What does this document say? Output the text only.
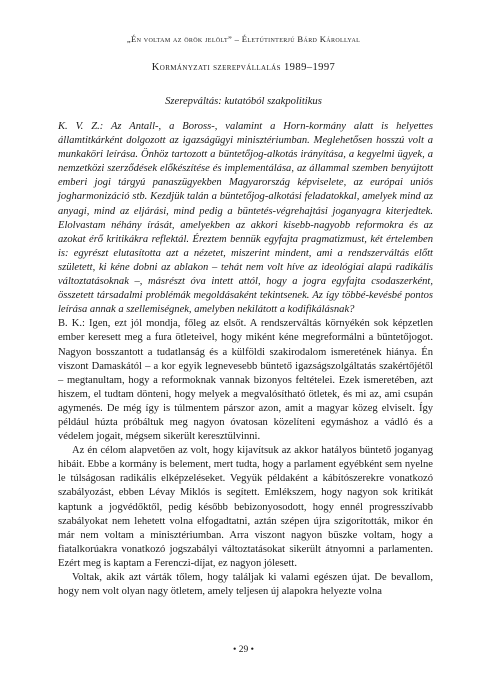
„Én voltam az örök jelölt” – Életútinterjú Bárd Károllyal
Kormányzati szerepvállalás 1989–1997
Szerepváltás: kutatóból szakpolitikus

K. V. Z.: Az Antall-, a Boross-, valamint a Horn-kormány alatt is helyettes államtitkárként dolgozott az igazságügyi minisztériumban. Meglehetősen hosszú volt a munkaköri leírása. Önhöz tartozott a büntetőjog-alkotás irányítása, a kegyelmi ügyek, a nemzetközi szerződések előkészítése és implementálása, az állammal szemben benyújtott emberi jogi tárgyú panaszügyekben Magyarország képviselete, az európai uniós jogharmonizáció stb. Kezdjük talán a büntetőjog-alkotási feladatokkal, amelyek mind az anyagi, mind az eljárási, mind pedig a büntetés-végrehajtási joganyagra kiterjedtek. Elolvastam néhány írását, amelyekben az akkori kisebb-nagyobb reformokra és az azokat érő kritikákra reflektál. Éreztem bennük egyfajta pragmatizmust, két értelemben is: egyrészt elutasította azt a nézetet, miszerint mindent, ami a rendszerváltás előtt született, ki kéne dobni az ablakon – tehát nem volt híve az ideológiai alapú radikális változtatásoknak –, másrészt óva intett attól, hogy a jogra egyfajta csodaszerként, összetett társadalmi problémák megoldásaként tekintsenek. Az így többé-kevésbé pontos leírása annak a szellemiségnek, amelyben nekilátott a kodifikálásnak?

B. K.: Igen, ezt jól mondja, főleg az elsőt. A rendszerváltás környékén sok képzetlen ember keresett meg a fura ötleteivel, hogy miként kéne megreformálni a büntetőjogot. Nagyon bosszantott a tudatlanság és a külföldi szakirodalom ismeretének hiánya. Én viszont Damaskától – a kor egyik legnevesebb büntető igazságszolgáltatás szakértőjétől – megtanultam, hogy a reformoknak vannak bizonyos feltételei. Ezek ismeretében, azt hiszem, el tudtam dönteni, hogy melyek a megvalósítható ötletek, és mi az, ami csupán agymenés. De még így is túlmentem párszor azon, amit a magyar közeg elviselt. Így például húzta próbáltuk meg nagyon óvatosan közelíteni egymáshoz a vádló és a védelem jogait, mégsem sikerült keresztülvinni.

Az én célom alapvetően az volt, hogy kijavítsuk az akkor hatályos büntető joganyag hibáit. Ebbe a kormány is belement, mert tudta, hogy a parlament egyébként sem nyelne le túlságosan radikális elképzeléseket. Vegyük példaként a kábítószerekre vonatkozó szabályozást, ebben Lévay Miklós is segített. Emlékszem, hogy nagyon sok kritikát kaptunk a jogvédőktől, pedig később bebizonyosodott, hogy ennél progresszívabb szabályokat nem lehetett volna elfogadtatni, aztán szépen újra szigorították, mikor én már nem voltam a minisztériumban. Arra viszont nagyon büszke voltam, hogy a fiatalkorúakra vonatkozó jogszabályi változtatásokat sikerült átnyomni a parlamenten. Ezért meg is kaptam a Ferenczi-díjat, ez nagyon jólesett.

Voltak, akik azt várták tőlem, hogy találjak ki valami egészen újat. De bevallom, hogy nem volt olyan nagy ötletem, amely teljesen új alapokra helyezte volna

• 29 •
